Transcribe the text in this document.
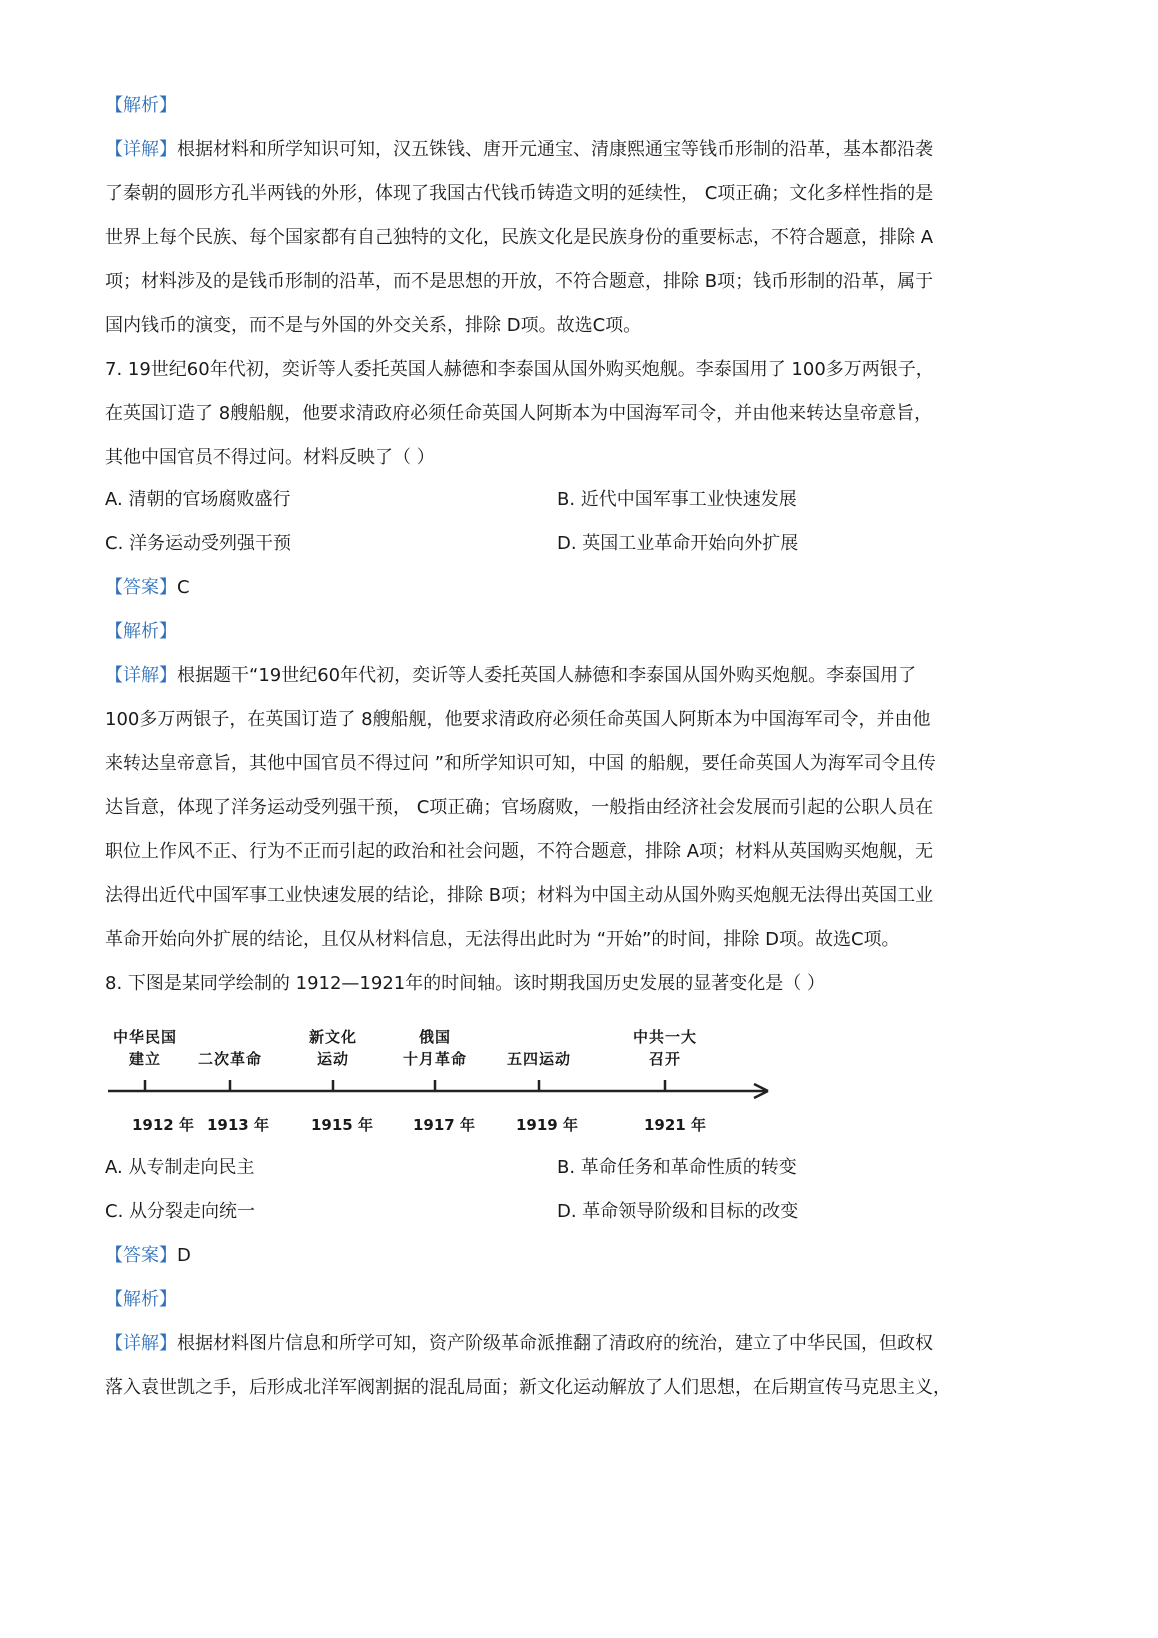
【解析】
【详解】根据材料和所学知识可知，汉五铢钱、唐开元通宝、清康熙通宝等钱币形制的沿革，基本都沿袭
了秦朝的圆形方孔半两钱的外形，体现了我国古代钱币铸造文明的延续性， C项正确；文化多样性指的是
世界上每个民族、每个国家都有自己独特的文化，民族文化是民族身份的重要标志，不符合题意，排除 A
项；材料涉及的是钱币形制的沿革，而不是思想的开放，不符合题意，排除 B项；钱币形制的沿革，属于
国内钱币的演变，而不是与外国的外交关系，排除 D项。故选C项。
7. 19世纪60年代初，奕䜣等人委托英国人赫德和李泰国从国外购买炮舰。李泰国用了 100多万两银子，
在英国订造了 8艘船舰，他要求清政府必须任命英国人阿斯本为中国海军司令，并由他来转达皇帝意旨，
其他中国官员不得过问。材料反映了（ ）
A. 清朝的官场腐败盛行	B. 近代中国军事工业快速发展
C. 洋务运动受列强干预	D. 英国工业革命开始向外扩展
【答案】C
【解析】
【详解】根据题干“19世纪60年代初，奕䜣等人委托英国人赫德和李泰国从国外购买炮舰。李泰国用了
100多万两银子，在英国订造了 8艘船舰，他要求清政府必须任命英国人阿斯本为中国海军司令，并由他
来转达皇帝意旨，其他中国官员不得过问 ”和所学知识可知，中国 的船舰，要任命英国人为海军司令且传
达旨意，体现了洋务运动受列强干预， C项正确；官场腐败，一般指由经济社会发展而引起的公职人员在
职位上作风不正、行为不正而引起的政治和社会问题，不符合题意，排除 A项；材料从英国购买炮舰，无
法得出近代中国军事工业快速发展的结论，排除 B项；材料为中国主动从国外购买炮舰无法得出英国工业
革命开始向外扩展的结论，且仅从材料信息，无法得出此时为 “开始”的时间，排除 D项。故选C项。
8. 下图是某同学绘制的 1912—1921年的时间轴。该时期我国历史发展的显著变化是（ ）
中华民国
建立	二次革命
新文化
运动
俄国
十月革命	五四运动
中共一大
召开
1912 年 1913 年	1915 年	1917 年	1919 年	1921 年
A. 从专制走向民主	B. 革命任务和革命性质的转变
C. 从分裂走向统一	D. 革命领导阶级和目标的改变
【答案】D
【解析】
【详解】根据材料图片信息和所学可知，资产阶级革命派推翻了清政府的统治，建立了中华民国，但政权
落入袁世凯之手，后形成北洋军阀割据的混乱局面；新文化运动解放了人们思想，在后期宣传马克思主义，
